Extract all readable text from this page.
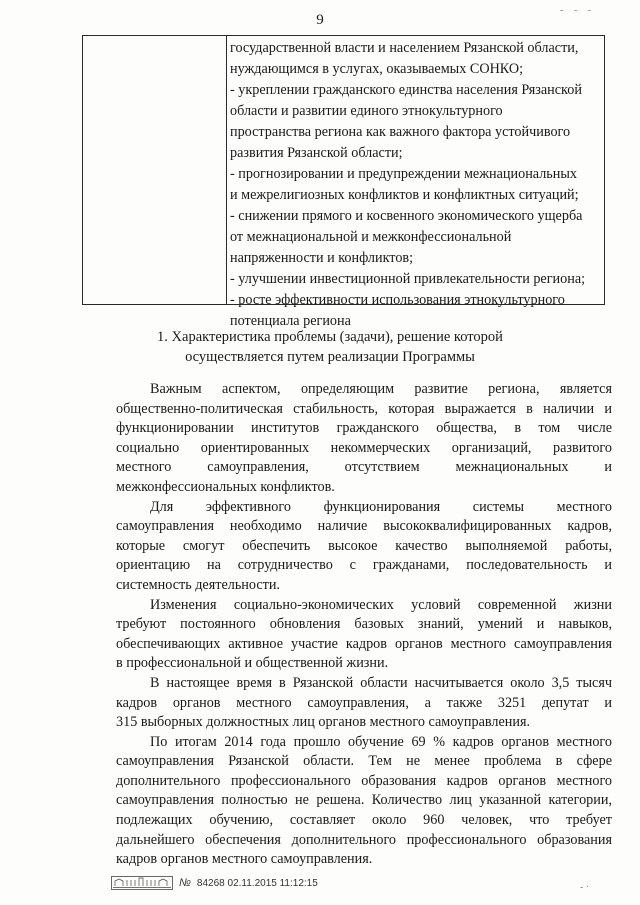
- - -
9
государственной власти и населением Рязанской области,
нуждающимся в услугах, оказываемых СОНКО;
- укреплении гражданского единства населения Рязанской
области и развитии единого этнокультурного
пространства региона как важного фактора устойчивого
развития Рязанской области;
- прогнозировании и предупреждении межнациональных
и межрелигиозных конфликтов и конфликтных ситуаций;
- снижении прямого и косвенного экономического ущерба
от межнациональной и межконфессиональной
напряженности и конфликтов;
- улучшении инвестиционной привлекательности региона;
- росте эффективности использования этнокультурного
потенциала региона
1. Характеристика проблемы (задачи), решение которой
осуществляется путем реализации Программы
Важным аспектом, определяющим развитие региона, является
общественно-политическая стабильность, которая выражается в наличии и
функционировании институтов гражданского общества, в том числе
социально ориентированных некоммерческих организаций, развитого
местного самоуправления, отсутствием межнациональных и
межконфессиональных конфликтов.
Для эффективного функционирования системы местного
самоуправления необходимо наличие высококвалифицированных кадров,
которые смогут обеспечить высокое качество выполняемой работы,
ориентацию на сотрудничество с гражданами, последовательность и
системность деятельности.
Изменения социально-экономических условий современной жизни
требуют постоянного обновления базовых знаний, умений и навыков,
обеспечивающих активное участие кадров органов местного самоуправления
в профессиональной и общественной жизни.
В настоящее время в Рязанской области насчитывается около 3,5 тысяч
кадров органов местного самоуправления, а также 3251 депутат и
315 выборных должностных лиц органов местного самоуправления.
По итогам 2014 года прошло обучение 69 % кадров органов местного
самоуправления Рязанской области. Тем не менее проблема в сфере
дополнительного профессионального образования кадров органов местного
самоуправления полностью не решена. Количество лиц указанной категории,
подлежащих обучению, составляет около 960 человек, что требует
дальнейшего обеспечения дополнительного профессионального образования
кадров органов местного самоуправления.
№ 84268 02.11.2015 11:12:15	- ·
